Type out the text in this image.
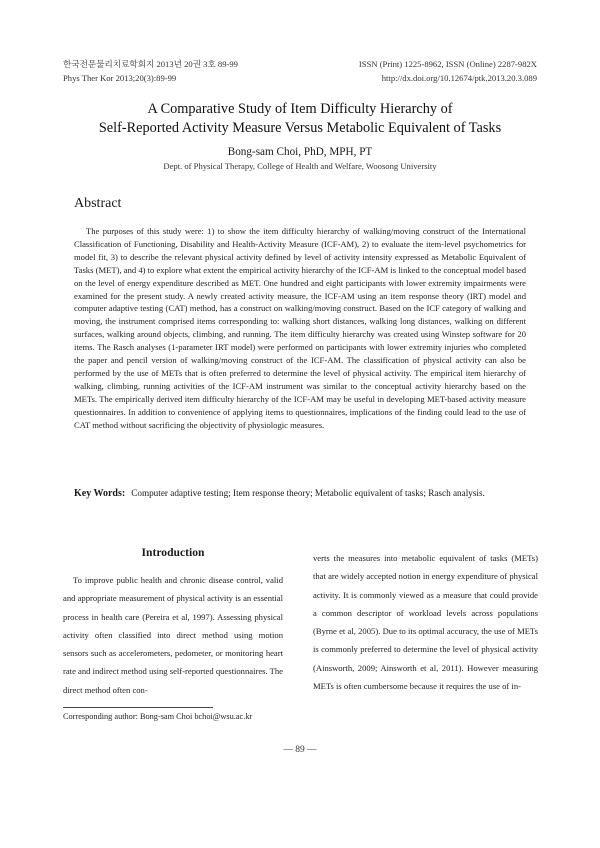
한국전문물리치료학회지 2013년 20권 3호 89-99
Phys Ther Kor 2013;20(3):89-99
ISSN (Print) 1225-8962, ISSN (Online) 2287-982X
http://dx.doi.org/10.12674/ptk.2013.20.3.089
A Comparative Study of Item Difficulty Hierarchy of
Self-Reported Activity Measure Versus Metabolic Equivalent of Tasks
Bong-sam Choi, PhD, MPH, PT
Dept. of Physical Therapy, College of Health and Welfare, Woosong University
Abstract
The purposes of this study were: 1) to show the item difficulty hierarchy of walking/moving construct of the International Classification of Functioning, Disability and Health-Activity Measure (ICF-AM), 2) to evaluate the item-level psychometrics for model fit, 3) to describe the relevant physical activity defined by level of activity intensity expressed as Metabolic Equivalent of Tasks (MET), and 4) to explore what extent the empirical activity hierarchy of the ICF-AM is linked to the conceptual model based on the level of energy expenditure described as MET. One hundred and eight participants with lower extremity impairments were examined for the present study. A newly created activity measure, the ICF-AM using an item response theory (IRT) model and computer adaptive testing (CAT) method, has a construct on walking/moving construct. Based on the ICF category of walking and moving, the instrument comprised items corresponding to: walking short distances, walking long distances, walking on different surfaces, walking around objects, climbing, and running. The item difficulty hierarchy was created using Winstep software for 20 items. The Rasch analyses (1-parameter IRT model) were performed on participants with lower extremity injuries who completed the paper and pencil version of walking/moving construct of the ICF-AM. The classification of physical activity can also be performed by the use of METs that is often preferred to determine the level of physical activity. The empirical item hierarchy of walking, climbing, running activities of the ICF-AM instrument was similar to the conceptual activity hierarchy based on the METs. The empirically derived item difficulty hierarchy of the ICF-AM may be useful in developing MET-based activity measure questionnaires. In addition to convenience of applying items to questionnaires, implications of the finding could lead to the use of CAT method without sacrificing the objectivity of physiologic measures.
Key Words: Computer adaptive testing; Item response theory; Metabolic equivalent of tasks; Rasch analysis.
Introduction
To improve public health and chronic disease control, valid and appropriate measurement of physical activity is an essential process in health care (Pereira et al, 1997). Assessing physical activity often classified into direct method using motion sensors such as accelerometers, pedometer, or monitoring heart rate and indirect method using self-reported questionnaires. The direct method often con-
verts the measures into metabolic equivalent of tasks (METs) that are widely accepted notion in energy expenditure of physical activity. It is commonly viewed as a measure that could provide a common descriptor of workload levels across populations (Byrne et al, 2005). Due to its optimal accuracy, the use of METs is commonly preferred to determine the level of physical activity (Ainsworth, 2009; Ainsworth et al, 2011). However measuring METs is often cumbersome because it requires the use of in-
Corresponding author: Bong-sam Choi bchoi@wsu.ac.kr
— 89 —
